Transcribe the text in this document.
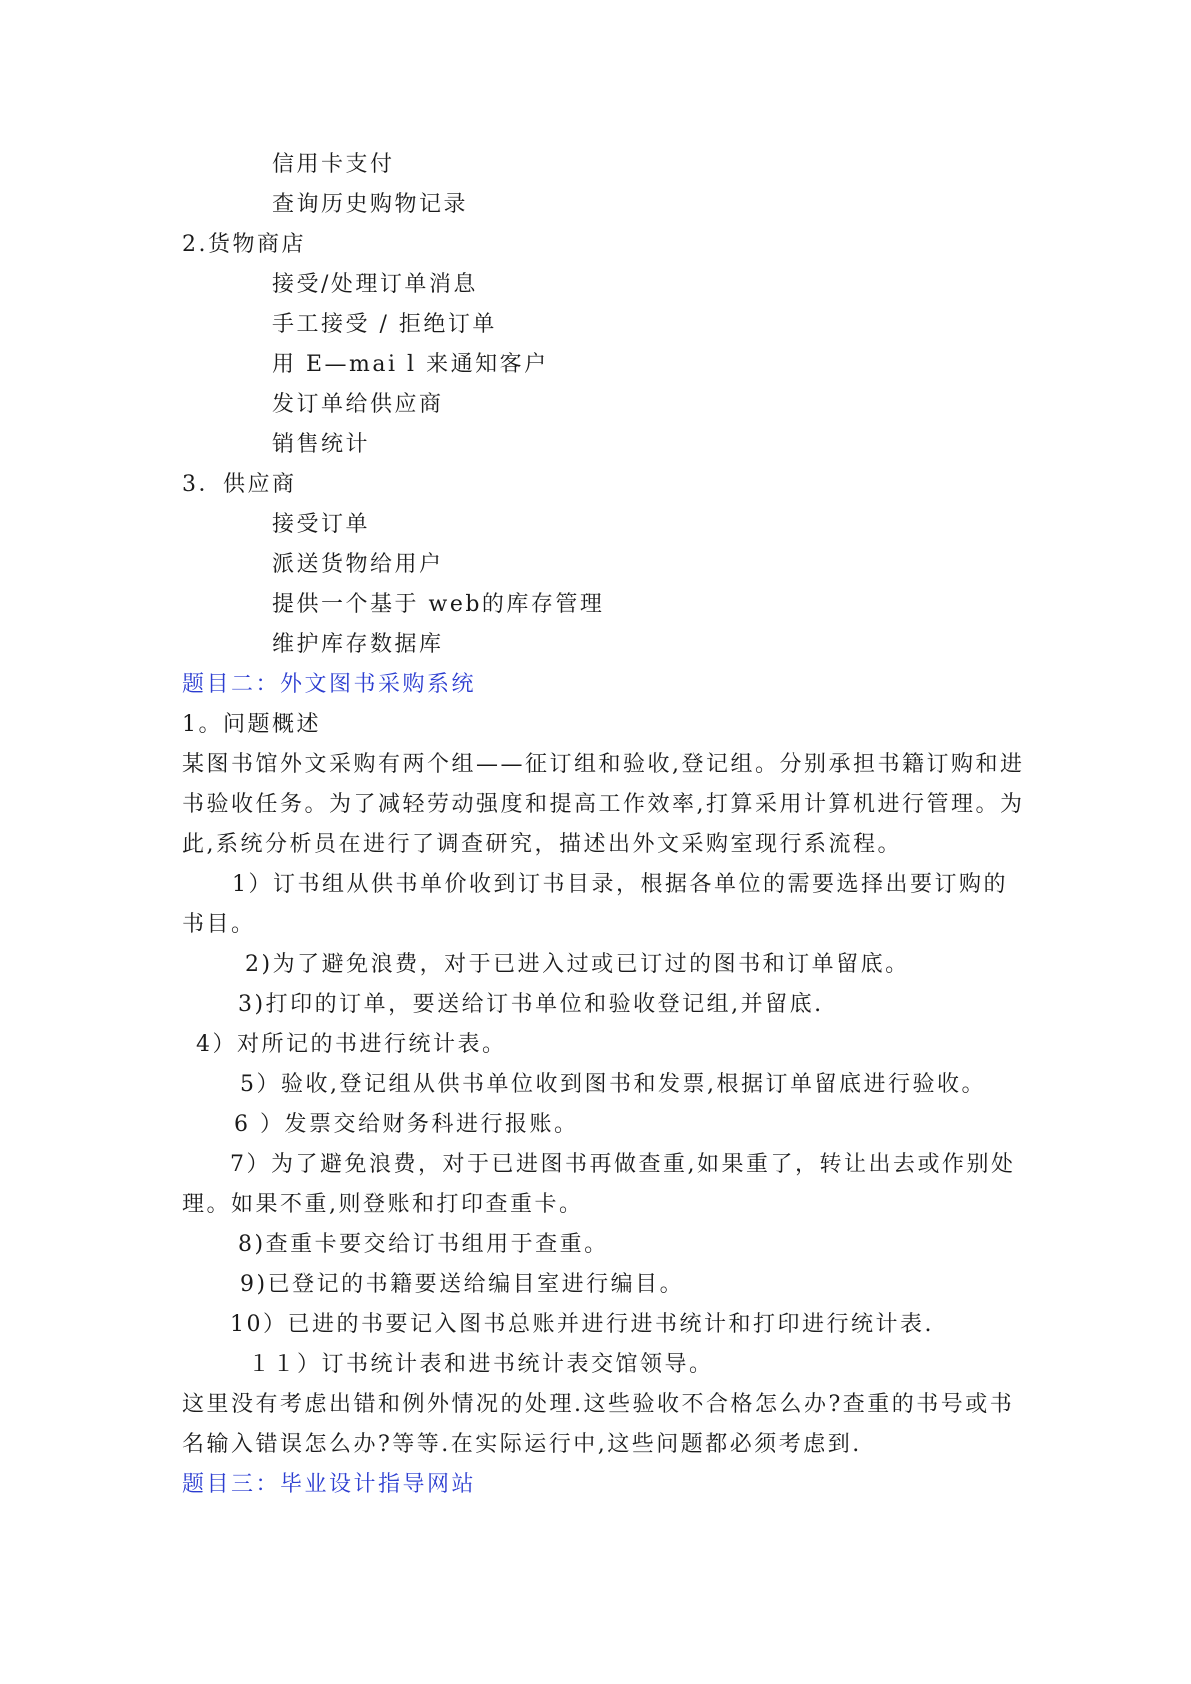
信用卡支付
查询历史购物记录
2.货物商店
接受/处理订单消息
手工接受 / 拒绝订单
用 E—mai l 来通知客户
发订单给供应商
销售统计
3．供应商
接受订单
派送货物给用户
提供一个基于 web的库存管理
维护库存数据库
题目二：外文图书采购系统
1。问题概述
某图书馆外文采购有两个组——征订组和验收,登记组。分别承担书籍订购和进
书验收任务。为了减轻劳动强度和提高工作效率,打算采用计算机进行管理。为
此,系统分析员在进行了调查研究，描述出外文采购室现行系流程。
1）订书组从供书单价收到订书目录，根据各单位的需要选择出要订购的
书目。
2)为了避免浪费，对于已进入过或已订过的图书和订单留底。
3)打印的订单，要送给订书单位和验收登记组,并留底.
4）对所记的书进行统计表。
5）验收,登记组从供书单位收到图书和发票,根据订单留底进行验收。
6 ）发票交给财务科进行报账。
7）为了避免浪费，对于已进图书再做查重,如果重了，转让出去或作别处
理。如果不重,则登账和打印查重卡。
8)查重卡要交给订书组用于查重。
9)已登记的书籍要送给编目室进行编目。
10）已进的书要记入图书总账并进行进书统计和打印进行统计表.
１１）订书统计表和进书统计表交馆领导。
这里没有考虑出错和例外情况的处理.这些验收不合格怎么办?查重的书号或书
名输入错误怎么办?等等.在实际运行中,这些问题都必须考虑到.
题目三：毕业设计指导网站
